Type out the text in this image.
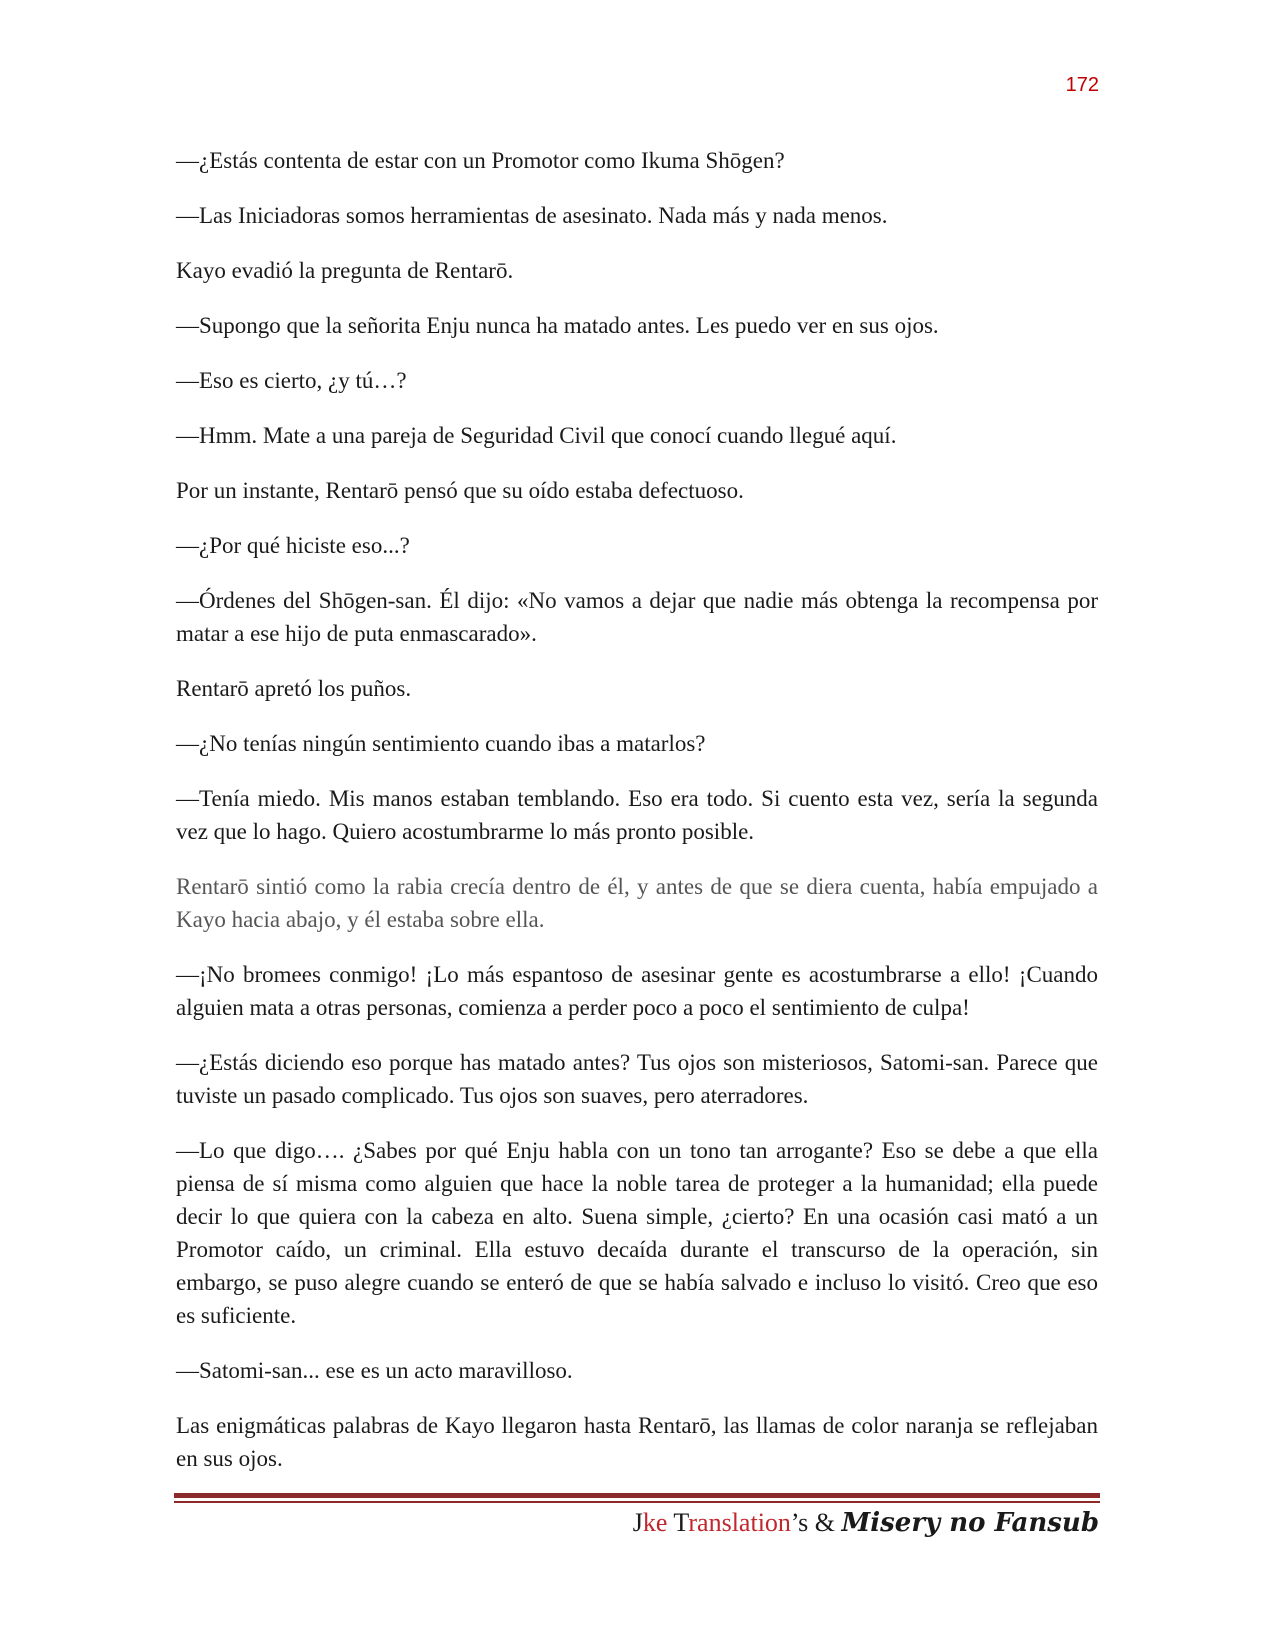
172

—¿Estás contenta de estar con un Promotor como Ikuma Shōgen?

—Las Iniciadoras somos herramientas de asesinato. Nada más y nada menos.

Kayo evadió la pregunta de Rentarō.

—Supongo que la señorita Enju nunca ha matado antes. Les puedo ver en sus ojos.

—Eso es cierto, ¿y tú…?

—Hmm. Mate a una pareja de Seguridad Civil que conocí cuando llegué aquí.

Por un instante, Rentarō pensó que su oído estaba defectuoso.

—¿Por qué hiciste eso...?

—Órdenes del Shōgen-san. Él dijo: «No vamos a dejar que nadie más obtenga la recompensa por matar a ese hijo de puta enmascarado».

Rentarō apretó los puños.

—¿No tenías ningún sentimiento cuando ibas a matarlos?

—Tenía miedo. Mis manos estaban temblando. Eso era todo. Si cuento esta vez, sería la segunda vez que lo hago. Quiero acostumbrarme lo más pronto posible.

Rentarō sintió como la rabia crecía dentro de él, y antes de que se diera cuenta, había empujado a Kayo hacia abajo, y él estaba sobre ella.

—¡No bromees conmigo! ¡Lo más espantoso de asesinar gente es acostumbrarse a ello! ¡Cuando alguien mata a otras personas, comienza a perder poco a poco el sentimiento de culpa!

—¿Estás diciendo eso porque has matado antes? Tus ojos son misteriosos, Satomi-san. Parece que tuviste un pasado complicado. Tus ojos son suaves, pero aterradores.

—Lo que digo…. ¿Sabes por qué Enju habla con un tono tan arrogante? Eso se debe a que ella piensa de sí misma como alguien que hace la noble tarea de proteger a la humanidad; ella puede decir lo que quiera con la cabeza en alto. Suena simple, ¿cierto? En una ocasión casi mató a un Promotor caído, un criminal. Ella estuvo decaída durante el transcurso de la operación, sin embargo, se puso alegre cuando se enteró de que se había salvado e incluso lo visitó. Creo que eso es suficiente.

—Satomi-san... ese es un acto maravilloso.

Las enigmáticas palabras de Kayo llegaron hasta Rentarō, las llamas de color naranja se reflejaban en sus ojos.

Jke Translation’s & Misery no Fansub
